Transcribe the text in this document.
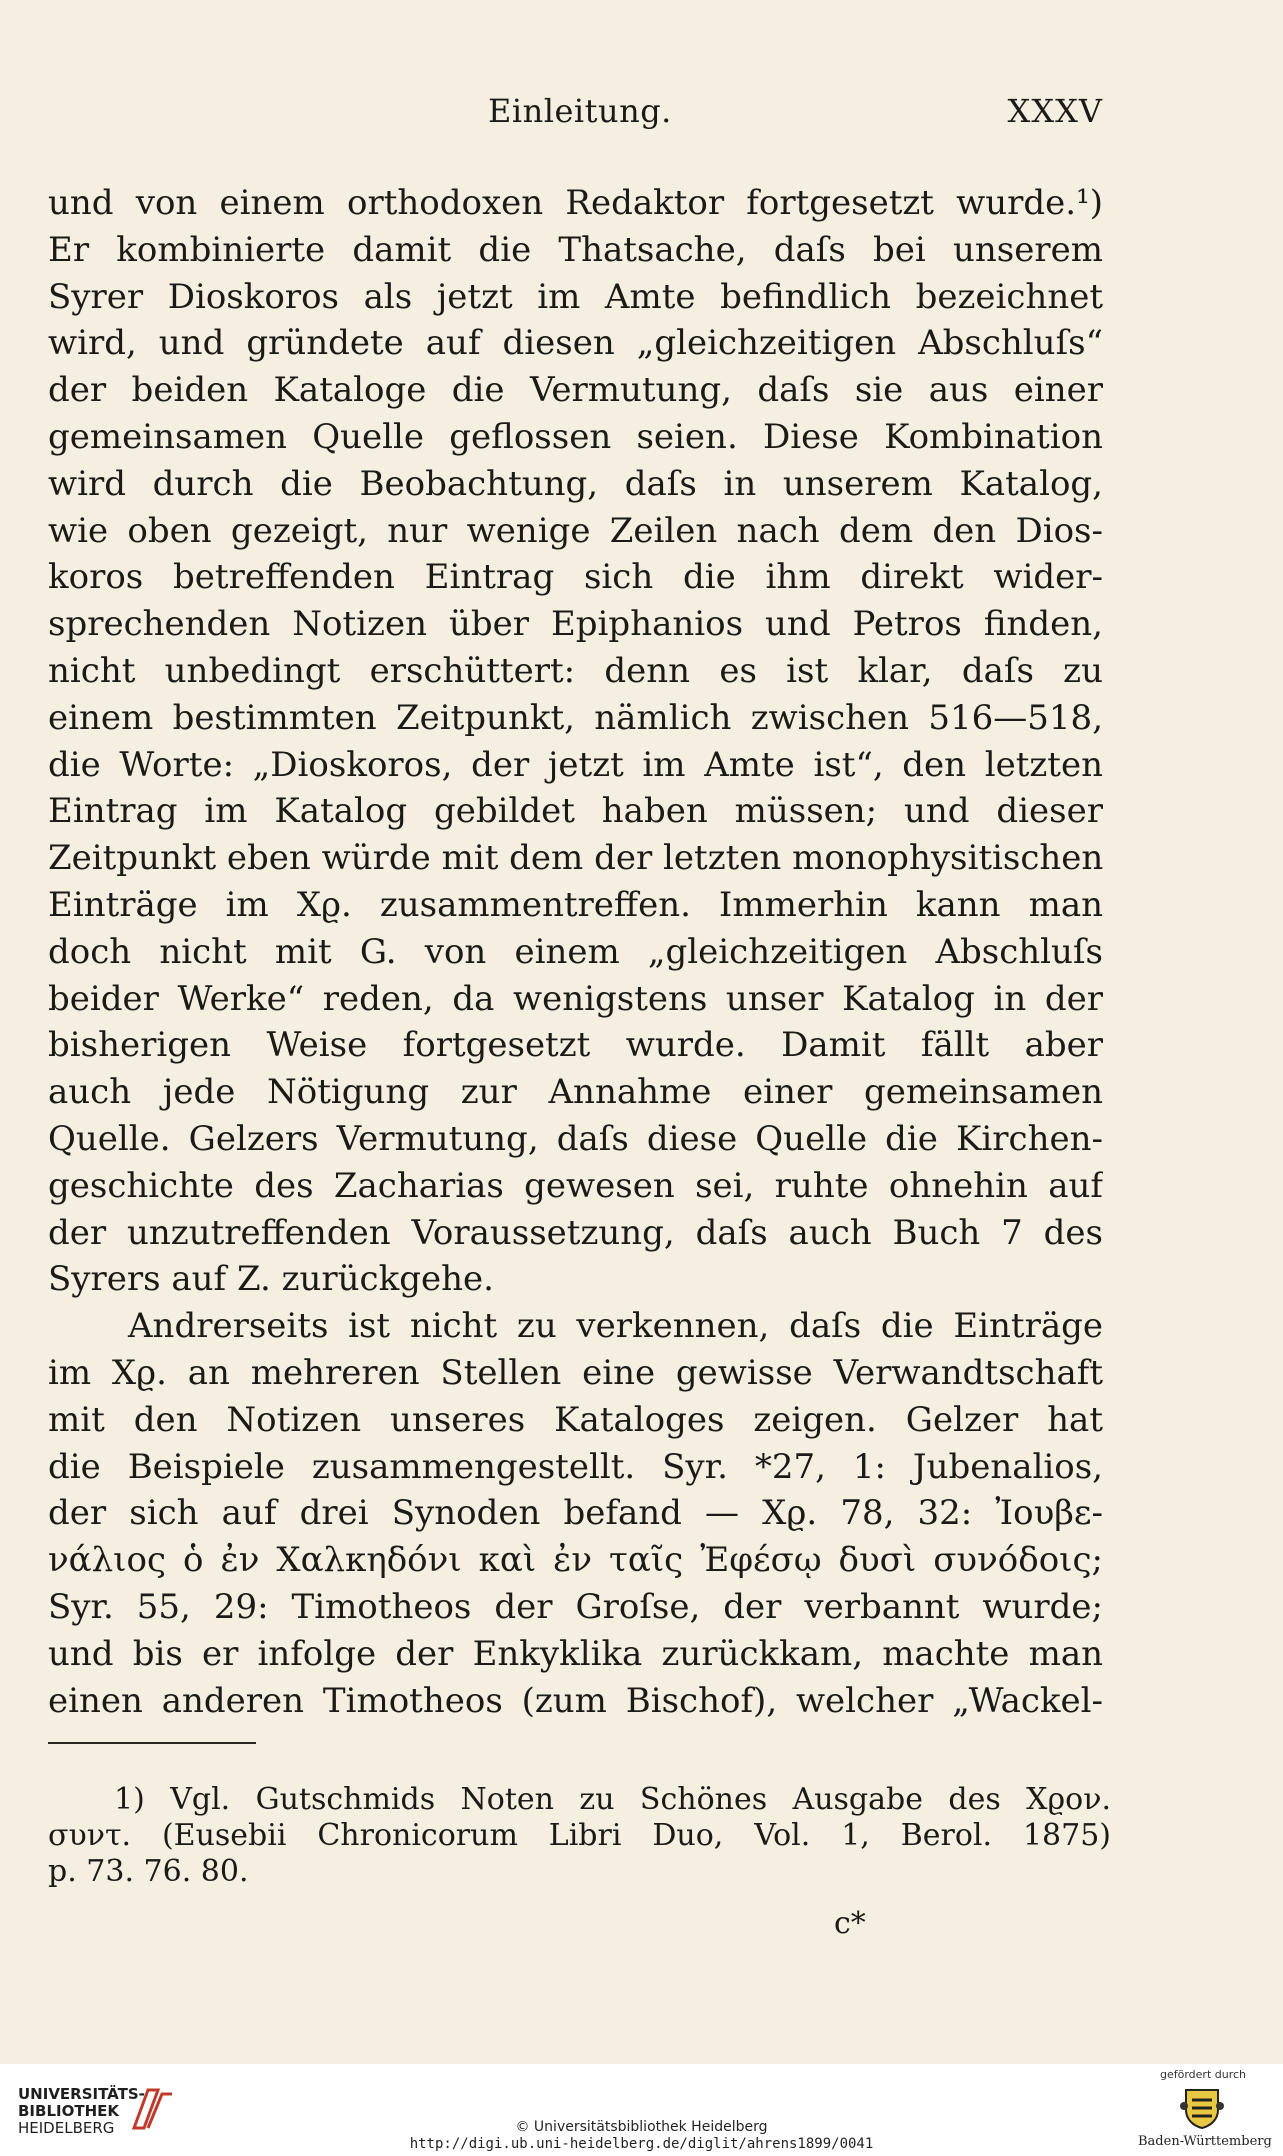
Einleitung.	XXXV
und von einem orthodoxen Redaktor fortgesetzt wurde.¹)
Er kombinierte damit die Thatsache, daſs bei unserem
Syrer Dioskoros als jetzt im Amte befindlich bezeichnet
wird, und gründete auf diesen „gleichzeitigen Abschluſs“
der beiden Kataloge die Vermutung, daſs sie aus einer
gemeinsamen Quelle geflossen seien. Diese Kombination
wird durch die Beobachtung, daſs in unserem Katalog,
wie oben gezeigt, nur wenige Zeilen nach dem den Dios-
koros betreffenden Eintrag sich die ihm direkt wider-
sprechenden Notizen über Epiphanios und Petros finden,
nicht unbedingt erschüttert: denn es ist klar, daſs zu
einem bestimmten Zeitpunkt, nämlich zwischen 516—518,
die Worte: „Dioskoros, der jetzt im Amte ist“, den letzten
Eintrag im Katalog gebildet haben müssen; und dieser
Zeitpunkt eben würde mit dem der letzten monophysitischen
Einträge im Χϱ. zusammentreffen. Immerhin kann man
doch nicht mit G. von einem „gleichzeitigen Abschluſs
beider Werke“ reden, da wenigstens unser Katalog in der
bisherigen Weise fortgesetzt wurde. Damit fällt aber
auch jede Nötigung zur Annahme einer gemeinsamen
Quelle. Gelzers Vermutung, daſs diese Quelle die Kirchen-
geschichte des Zacharias gewesen sei, ruhte ohnehin auf
der unzutreffenden Voraussetzung, daſs auch Buch 7 des
Syrers auf Z. zurückgehe.
Andrerseits ist nicht zu verkennen, daſs die Einträge
im Χϱ. an mehreren Stellen eine gewisse Verwandtschaft
mit den Notizen unseres Kataloges zeigen. Gelzer hat
die Beispiele zusammengestellt. Syr. *27, 1: Jubenalios,
der sich auf drei Synoden befand — Χϱ. 78, 32: Ἰουβε-
νάλιος ὁ ἐν Χαλκηδόνι καὶ ἐν ταῖς Ἐφέσῳ δυσὶ συνόδοις;
Syr. 55, 29: Timotheos der Groſse, der verbannt wurde;
und bis er infolge der Enkyklika zurückkam, machte man
einen anderen Timotheos (zum Bischof), welcher „Wackel-
1) Vgl. Gutschmids Noten zu Schönes Ausgabe des Χϱον.
συντ. (Eusebii Chronicorum Libri Duo, Vol. 1, Berol. 1875)
p. 73. 76. 80.
c*
UNIVERSITÄTS-
BIBLIOTHEK
HEIDELBERG	© Universitätsbibliothek Heidelberg
http://digi.ub.uni-heidelberg.de/diglit/ahrens1899/0041
gefördert durch
Baden-Württemberg
